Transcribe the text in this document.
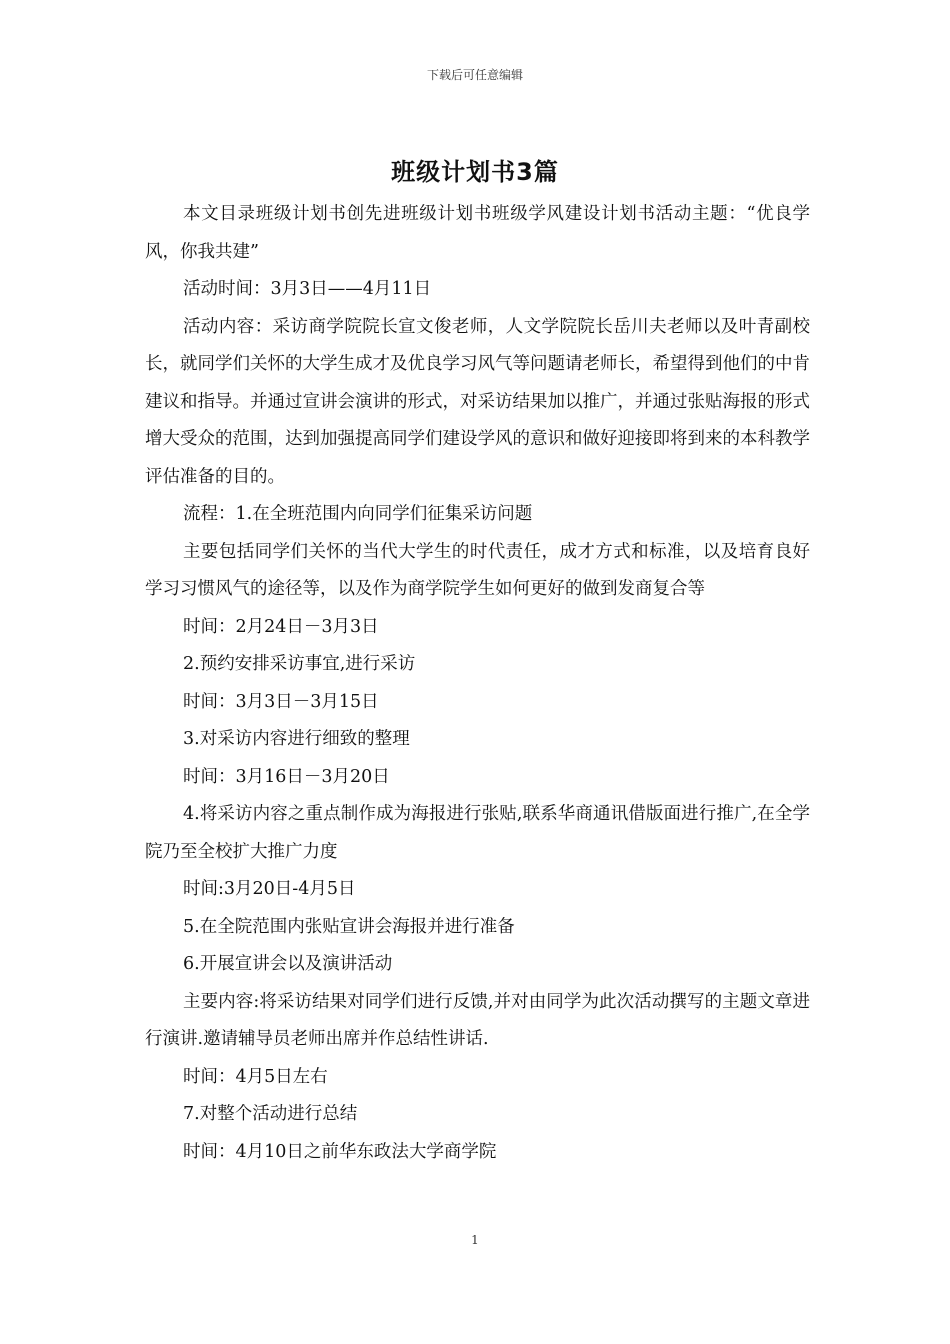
下载后可任意编辑
班级计划书3篇

本文目录班级计划书创先进班级计划书班级学风建设计划书活动主题：“优良学风，你我共建”

活动时间：3月3日——4月11日

活动内容：采访商学院院长宣文俊老师，人文学院院长岳川夫老师以及叶青副校长，就同学们关怀的大学生成才及优良学习风气等问题请老师长，希望得到他们的中肯建议和指导。并通过宣讲会演讲的形式，对采访结果加以推广，并通过张贴海报的形式增大受众的范围，达到加强提高同学们建设学风的意识和做好迎接即将到来的本科教学评估准备的目的。

流程：1.在全班范围内向同学们征集采访问题

主要包括同学们关怀的当代大学生的时代责任，成才方式和标准，以及培育良好学习习惯风气的途径等，以及作为商学院学生如何更好的做到发商复合等

时间：2月24日－3月3日

2.预约安排采访事宜,进行采访

时间：3月3日－3月15日

3.对采访内容进行细致的整理

时间：3月16日－3月20日

4.将采访内容之重点制作成为海报进行张贴,联系华商通讯借版面进行推广,在全学院乃至全校扩大推广力度

时间:3月20日-4月5日

5.在全院范围内张贴宣讲会海报并进行准备

6.开展宣讲会以及演讲活动

主要内容:将采访结果对同学们进行反馈,并对由同学为此次活动撰写的主题文章进行演讲.邀请辅导员老师出席并作总结性讲话.

时间：4月5日左右

7.对整个活动进行总结

时间：4月10日之前华东政法大学商学院

1
